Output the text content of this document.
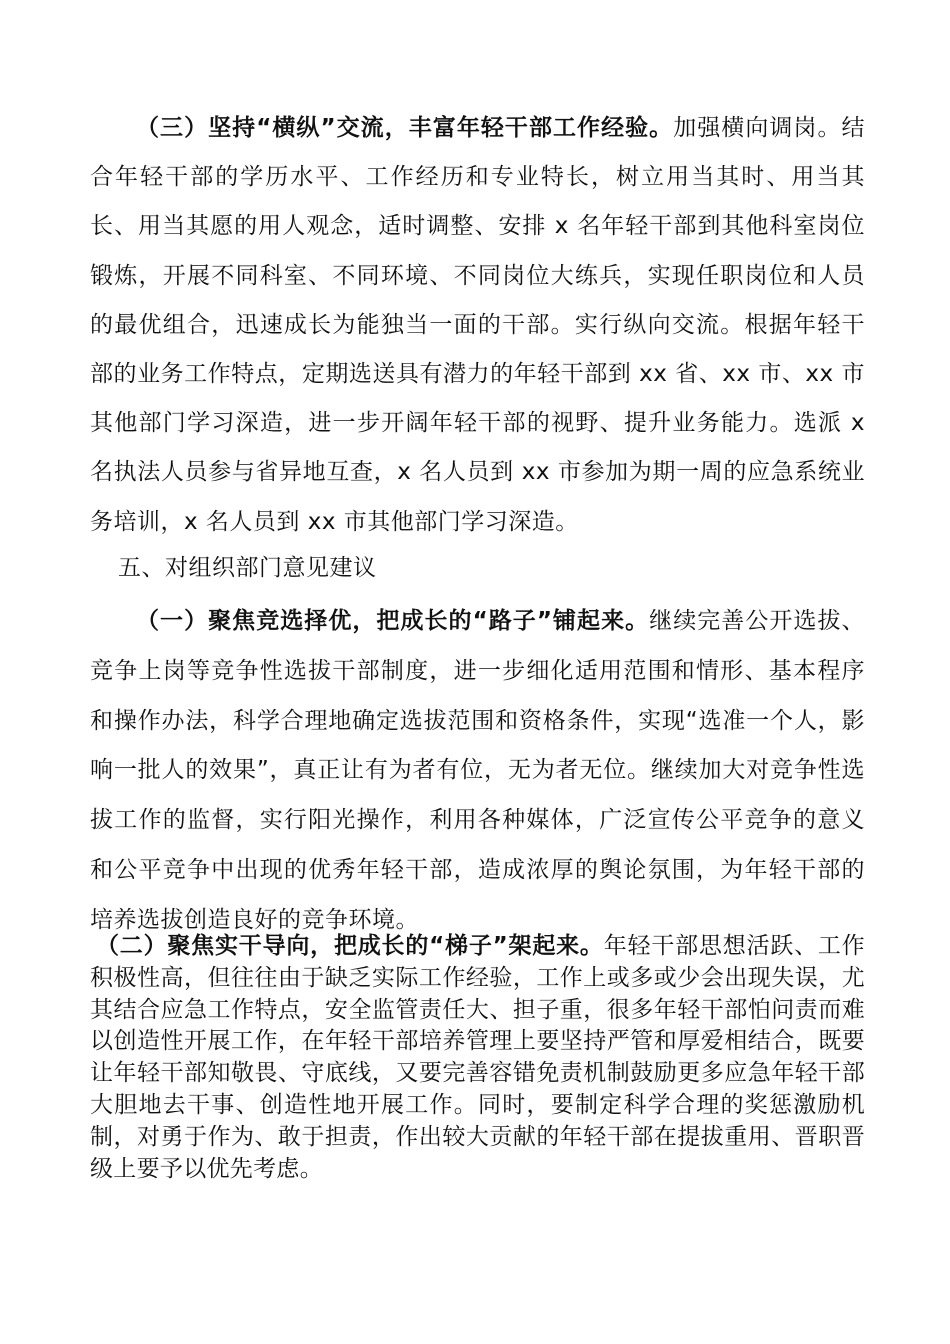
（三）坚持“横纵”交流，丰富年轻干部工作经验。加强横向调岗。结合年轻干部的学历水平、工作经历和专业特长，树立用当其时、用当其长、用当其愿的用人观念，适时调整、安排 x 名年轻干部到其他科室岗位锻炼，开展不同科室、不同环境、不同岗位大练兵，实现任职岗位和人员的最优组合，迅速成长为能独当一面的干部。实行纵向交流。根据年轻干部的业务工作特点，定期选送具有潜力的年轻干部到 xx 省、xx 市、xx 市其他部门学习深造，进一步开阔年轻干部的视野、提升业务能力。选派 x 名执法人员参与省异地互查，x 名人员到 xx 市参加为期一周的应急系统业务培训，x 名人员到 xx 市其他部门学习深造。
五、对组织部门意见建议
（一）聚焦竞选择优，把成长的“路子”铺起来。继续完善公开选拔、竞争上岗等竞争性选拔干部制度，进一步细化适用范围和情形、基本程序和操作办法，科学合理地确定选拔范围和资格条件，实现“选准一个人，影响一批人的效果”，真正让有为者有位，无为者无位。继续加大对竞争性选拔工作的监督，实行阳光操作，利用各种媒体，广泛宣传公平竞争的意义和公平竞争中出现的优秀年轻干部，造成浓厚的舆论氛围，为年轻干部的培养选拔创造良好的竞争环境。
（二）聚焦实干导向，把成长的“梯子”架起来。年轻干部思想活跃、工作积极性高，但往往由于缺乏实际工作经验，工作上或多或少会出现失误，尤其结合应急工作特点，安全监管责任大、担子重，很多年轻干部怕问责而难以创造性开展工作，在年轻干部培养管理上要坚持严管和厚爱相结合，既要让年轻干部知敬畏、守底线，又要完善容错免责机制鼓励更多应急年轻干部大胆地去干事、创造性地开展工作。同时，要制定科学合理的奖惩激励机制，对勇于作为、敢于担责，作出较大贡献的年轻干部在提拔重用、晋职晋级上要予以优先考虑。
